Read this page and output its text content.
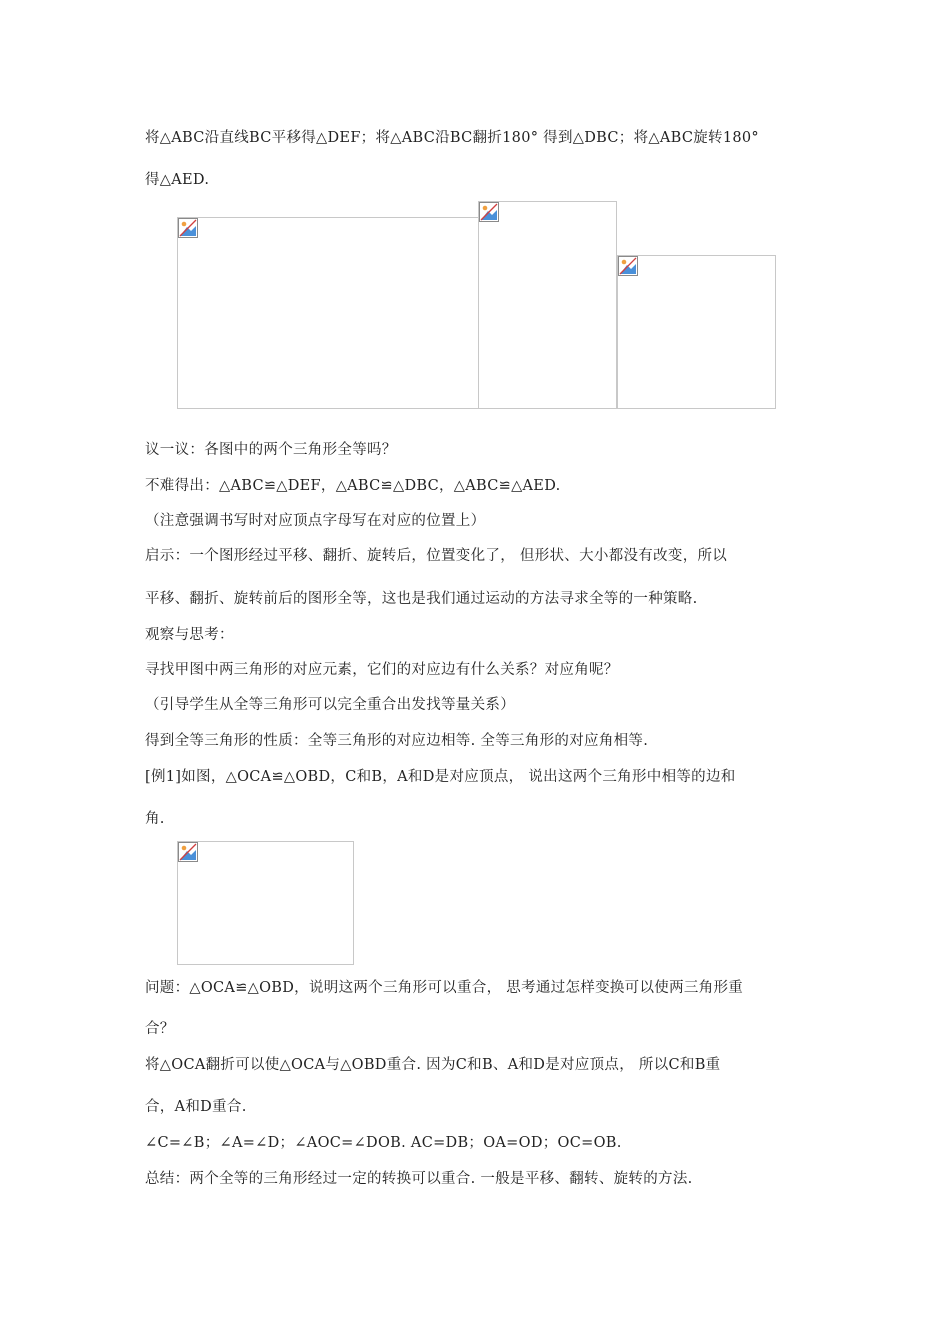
将△ABC沿直线BC平移得△DEF；将△ABC沿BC翻折180° 得到△DBC；将△ABC旋转180°
得△AED.
议一议：各图中的两个三角形全等吗？
不难得出：△ABC≌△DEF，△ABC≌△DBC，△ABC≌△AED.
（注意强调书写时对应顶点字母写在对应的位置上）
启示：一个图形经过平移、翻折、旋转后，位置变化了， 但形状、大小都没有改变，所以
平移、翻折、旋转前后的图形全等，这也是我们通过运动的方法寻求全等的一种策略.
观察与思考：
寻找甲图中两三角形的对应元素，它们的对应边有什么关系？对应角呢？
（引导学生从全等三角形可以完全重合出发找等量关系）
得到全等三角形的性质：全等三角形的对应边相等. 全等三角形的对应角相等.
[例1]如图，△OCA≌△OBD，C和B，A和D是对应顶点， 说出这两个三角形中相等的边和
角.
问题：△OCA≌△OBD，说明这两个三角形可以重合， 思考通过怎样变换可以使两三角形重
合？
将△OCA翻折可以使△OCA与△OBD重合. 因为C和B、A和D是对应顶点， 所以C和B重
合，A和D重合.
∠C=∠B；∠A=∠D；∠AOC=∠DOB. AC=DB；OA=OD；OC=OB.
总结：两个全等的三角形经过一定的转换可以重合. 一般是平移、翻转、旋转的方法.
